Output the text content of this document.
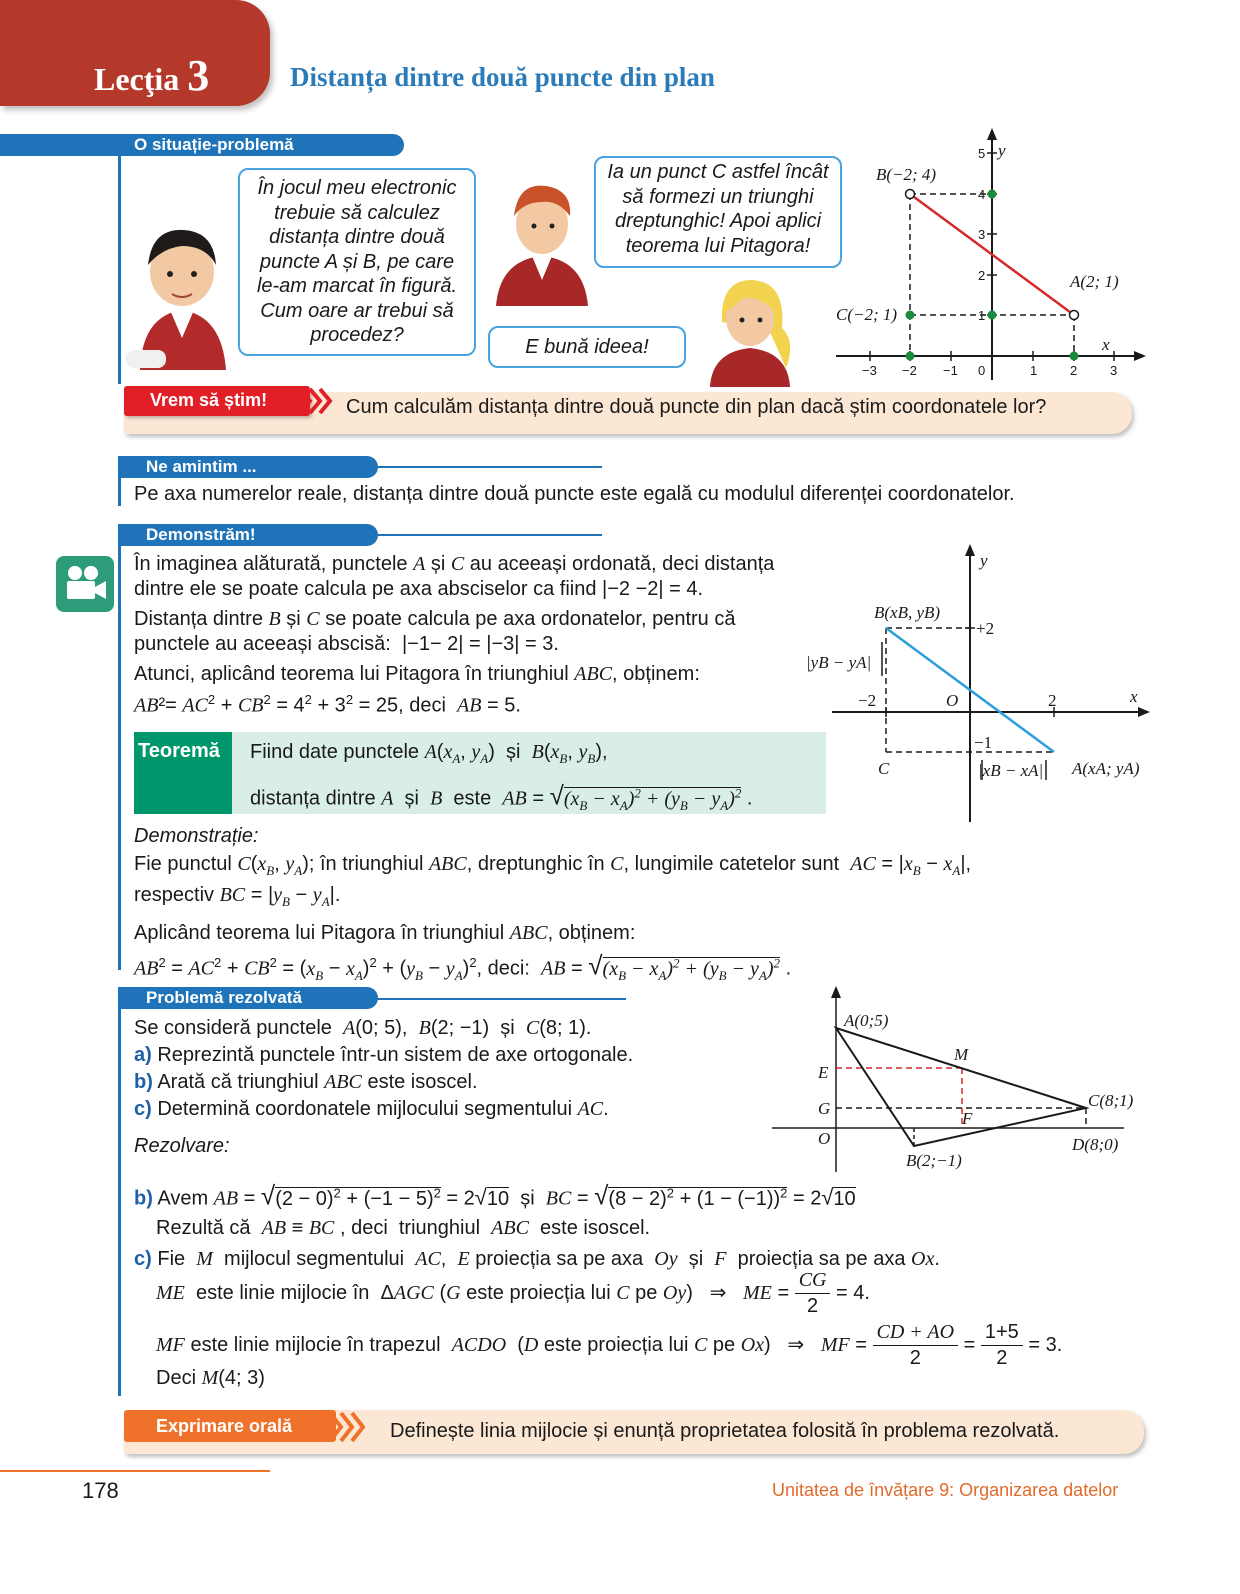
Lecţia 3	Distanța dintre două puncte din plan
O situație-problemă
În jocul meu electronic
trebuie să calculez
distanța dintre două
puncte A și B, pe care
le-am marcat în figură.
Cum oare ar trebui să
procedez?
Ia un punct C astfel încât
să formezi un triunghi
dreptunghic! Apoi aplici
teorema lui Pitagora!
E bună ideea!
−3 −2 −1 0	1	2	3
1
2
3
4
5 y
x
B(−2; 4)
A(2; 1)
C(−2; 1)
Vrem să știm!	Cum calculăm distanța dintre două puncte din plan dacă știm coordonatele lor?
Ne amintim ...
Pe axa numerelor reale, distanța dintre două puncte este egală cu modulul diferenței coordonatelor.
Demonstrăm!

În imaginea alăturată, punctele A și C au aceeași ordonată, deci distanța

dintre ele se poate calcula pe axa absciselor ca fiind |−2 −2| = 4.

Distanța dintre B și C se poate calcula pe axa ordonatelor, pentru că

punctele au aceeași abscisă:  |−1− 2| = |−3| = 3.

Atunci, aplicând teorema lui Pitagora în triunghiul ABC, obținem:

$AB^2= AC^2 + CB^2 = 4^2 + 3^2 = 25$, deci  AB = 5.

Teoremă Fiind date punctele $A(x_A$, $y_A$)  și  $B(x_B$, $y_B$),
distanța dintre A  și  B  este  AB = $√(x_B - x_A)^2 + (y_B - y_A)^2$ .
y
x
O
+2
−2	2
−1
B(xB, yB)
A(xA; yA)
C
|yB − yA|
|xB − xA|
Demonstrație:

Fie punctul $C(x_B$, $y_A$); în triunghiul ABC, dreptunghic în C, lungimile catetelor sunt  AC = $|x_B - x_A|$,

respectiv BC = $|y_B - y_A|$.

Aplicând teorema lui Pitagora în triunghiul ABC, obținem:

$AB^2 = AC^2 + CB^2 = (x_B - x_A)^2 + (y_B - y_A)^2$, deci:  AB = $√(x_B - x_A)^2 + (y_B - y_A)^2$ .

Problemă rezolvată

Se consideră punctele  A(0; 5),  B(2; −1)  și  C(8; 1).

a) Reprezintă punctele într-un sistem de axe ortogonale.

b) Arată că triunghiul ABC este isoscel.

c) Determină coordonatele mijlocului segmentului AC.

Rezolvare:
A(0;5)
B(2;−1)
C(8;1)
D(8;0)
E
G
M
F
O

b) Avem AB = $√(2 - 0)^2 + (-1 - 5)^2 = 2√10$  și  BC = $√(8 - 2)^2 + (1 - (-1))^2 = 2√10$

Rezultă că  AB ≡ BC , deci  triunghiul  ABC  este isoscel.

c) Fie  M  mijlocul segmentului  AC,  E proiecția sa pe axa  Oy  și  F  proiecția sa pe axa Ox.

ME  este linie mijlocie în  ΔAGC (G este proiecția lui C pe Oy)   ⇒   ME = $\frac{CG}{2} = 4$.
MF este linie mijlocie în trapezul  ACDO  (D este proiecția lui C pe Ox)   ⇒   MF = $\frac{CD + AO}{2} = \frac{1+5}{2} = 3$.
Deci M(4; 3)
Exprimare orală	Definește linia mijlocie și enunță proprietatea folosită în problema rezolvată.
178	Unitatea de învățare 9: Organizarea datelor
